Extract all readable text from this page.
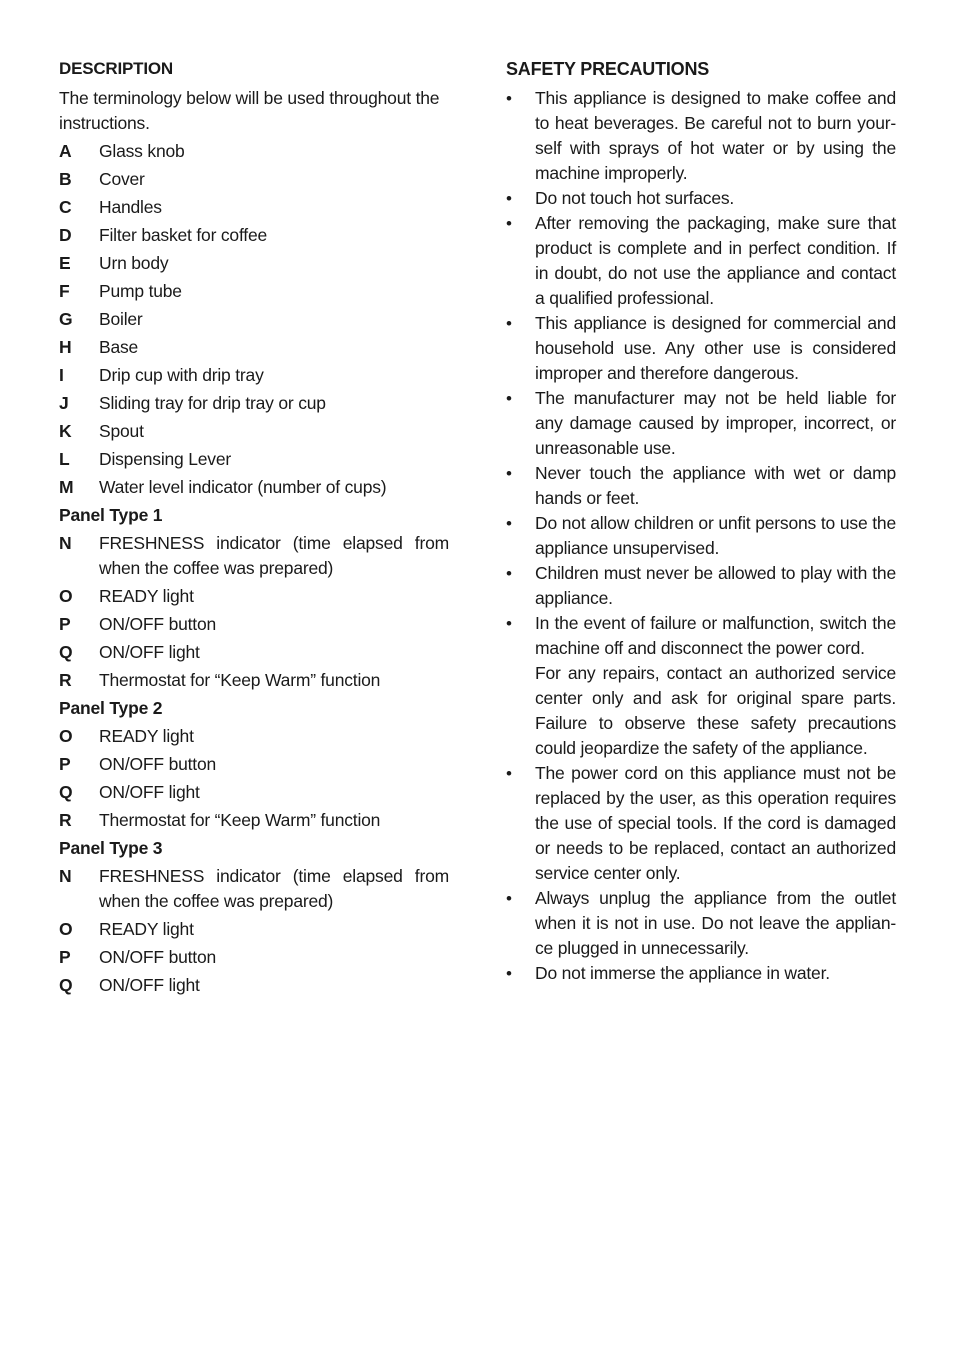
DESCRIPTION
The terminology below will be used throughout the instructions.
A	Glass knob
B	Cover
C	Handles
D	Filter basket for coffee
E	Urn body
F	Pump tube
G	Boiler
H	Base
I	Drip cup with drip tray
J	Sliding tray for drip tray or cup
K	Spout
L	Dispensing Lever
M	Water level indicator (number of cups)
Panel Type 1
N	FRESHNESS indicator (time elapsed from when the coffee was prepared)
O	READY light
P	ON/OFF button
Q	ON/OFF light
R	Thermostat for “Keep Warm” function
Panel Type 2
O	READY light
P	ON/OFF button
Q	ON/OFF light
R	Thermostat for “Keep Warm” function
Panel Type 3
N	FRESHNESS indicator (time elapsed from when the coffee was prepared)
O	READY light
P	ON/OFF button
Q	ON/OFF light
SAFETY PRECAUTIONS
•	This appliance is designed to make coffee and to heat beverages. Be careful not to burn your-self with sprays of hot water or by using the machine improperly.
•	Do not touch hot surfaces.
•	After removing the packaging, make sure that product is complete and in perfect condition. If in doubt, do not use the appliance and contact a qualified professional.
•	This appliance is designed for commercial and household use. Any other use is considered improper and therefore dangerous.
•	The manufacturer may not be held liable for any damage caused by improper, incorrect, or unreasonable use.
•	Never touch the appliance with wet or damp hands or feet.
•	Do not allow children or unfit persons to use the appliance unsupervised.
•	Children must never be allowed to play with the appliance.
•	In the event of failure or malfunction, switch the machine off and disconnect the power cord.
For any repairs, contact an authorized service center only and ask for original spare parts. Failure to observe these safety precautions could jeopardize the safety of the appliance.
•	The power cord on this appliance must not be replaced by the user, as this operation requires the use of special tools. If the cord is damaged or needs to be replaced, contact an authorized service center only.
•	Always unplug the appliance from the outlet when it is not in use. Do not leave the applian-ce plugged in unnecessarily.
•	Do not immerse the appliance in water.
